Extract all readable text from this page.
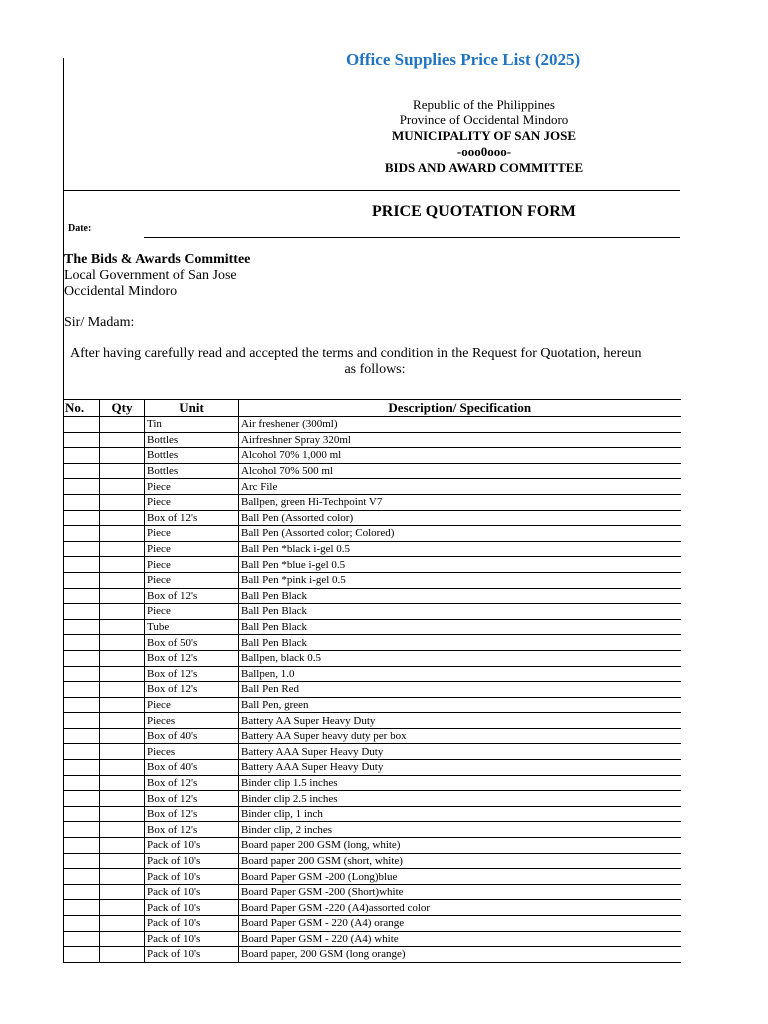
Office Supplies Price List (2025)
Republic of the Philippines
Province of Occidental Mindoro
MUNICIPALITY OF SAN JOSE
-ooo0ooo-
BIDS AND AWARD COMMITTEE
PRICE QUOTATION FORM
Date:
The Bids & Awards Committee
Local Government of San Jose
Occidental Mindoro
Sir/ Madam:
After having carefully read and accepted the terms and condition in the Request for Quotation, hereun
as follows:
No.	Qty	Unit	Description/ Specification
		Tin	Air freshener (300ml)
		Bottles	Airfreshner Spray 320ml
		Bottles	Alcohol 70% 1,000 ml
		Bottles	Alcohol 70% 500 ml
		Piece	Arc File
		Piece	Ballpen, green Hi-Techpoint V7
		Box of 12's	Ball Pen (Assorted color)
		Piece	Ball Pen (Assorted color; Colored)
		Piece	Ball Pen *black i-gel 0.5
		Piece	Ball Pen *blue i-gel 0.5
		Piece	Ball Pen *pink i-gel 0.5
		Box of 12's	Ball Pen Black
		Piece	Ball Pen Black
		Tube	Ball Pen Black
		Box of 50's	Ball Pen Black
		Box of 12's	Ballpen, black 0.5
		Box of 12's	Ballpen, 1.0
		Box of 12's	Ball Pen Red
		Piece	Ball Pen, green
		Pieces	Battery AA Super Heavy Duty
		Box of 40's	Battery AA Super heavy duty per box
		Pieces	Battery AAA Super Heavy Duty
		Box of 40's	Battery AAA Super Heavy Duty
		Box of 12's	Binder clip 1.5 inches
		Box of 12's	Binder clip 2.5 inches
		Box of 12's	Binder clip, 1 inch
		Box of 12's	Binder clip, 2 inches
		Pack of 10's	Board paper 200 GSM (long, white)
		Pack of 10's	Board paper 200 GSM (short, white)
		Pack of 10's	Board Paper GSM -200 (Long)blue
		Pack of 10's	Board Paper GSM -200 (Short)white
		Pack of 10's	Board Paper GSM -220 (A4)assorted color
		Pack of 10's	Board Paper GSM - 220 (A4) orange
		Pack of 10's	Board Paper GSM - 220 (A4) white
		Pack of 10's	Board paper, 200 GSM (long orange)
